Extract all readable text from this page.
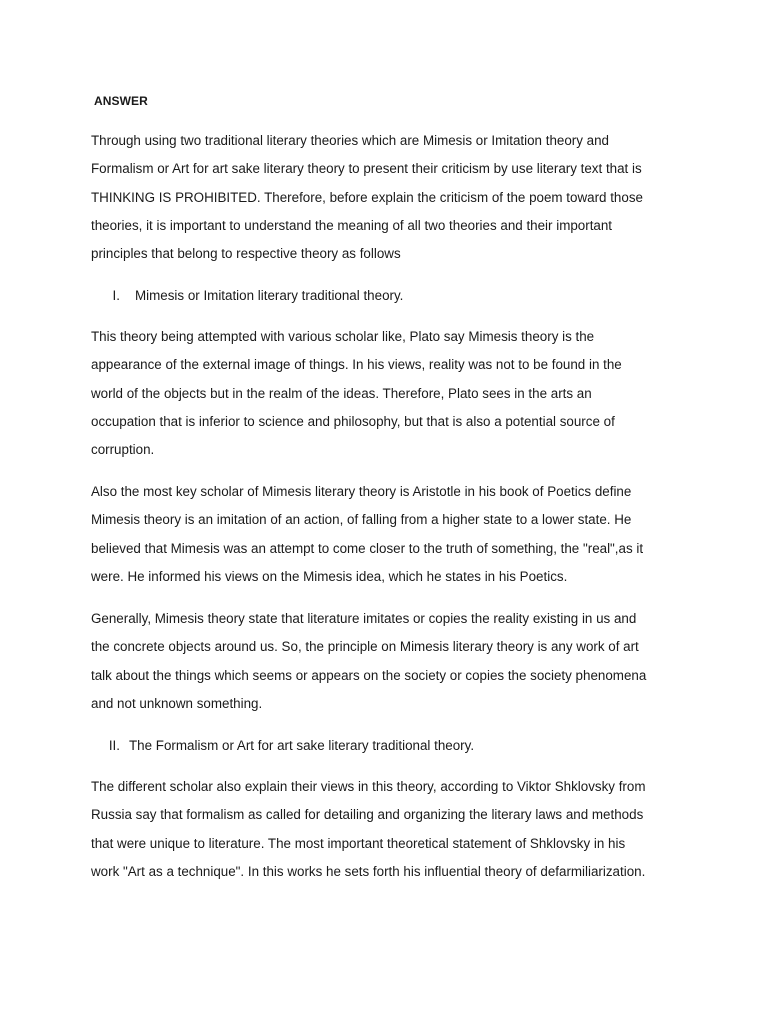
ANSWER

Through using two traditional literary theories which are Mimesis or Imitation theory and
Formalism or Art for art sake literary theory to present their criticism by use literary text that is
THINKING IS PROHIBITED. Therefore, before explain the criticism of the poem toward those
theories, it is important to understand the meaning of all two theories and their important
principles that belong to respective theory as follows

I. Mimesis or Imitation literary traditional theory.

This theory being attempted with various scholar like, Plato say Mimesis theory is the
appearance of the external image of things. In his views, reality was not to be found in the
world of the objects but in the realm of the ideas. Therefore, Plato sees in the arts an
occupation that is inferior to science and philosophy, but that is also a potential source of
corruption.

Also the most key scholar of Mimesis literary theory is Aristotle in his book of Poetics define
Mimesis theory is an imitation of an action, of falling from a higher state to a lower state. He
believed that Mimesis was an attempt to come closer to the truth of something, the "real",as it
were. He informed his views on the Mimesis idea, which he states in his Poetics.

Generally, Mimesis theory state that literature imitates or copies the reality existing in us and
the concrete objects around us. So, the principle on Mimesis literary theory is any work of art
talk about the things which seems or appears on the society or copies the society phenomena
and not unknown something.

II. The Formalism or Art for art sake literary traditional theory.

The different scholar also explain their views in this theory, according to Viktor Shklovsky from
Russia say that formalism as called for detailing and organizing the literary laws and methods
that were unique to literature. The most important theoretical statement of Shklovsky in his
work "Art as a technique". In this works he sets forth his influential theory of defarmiliarization.
